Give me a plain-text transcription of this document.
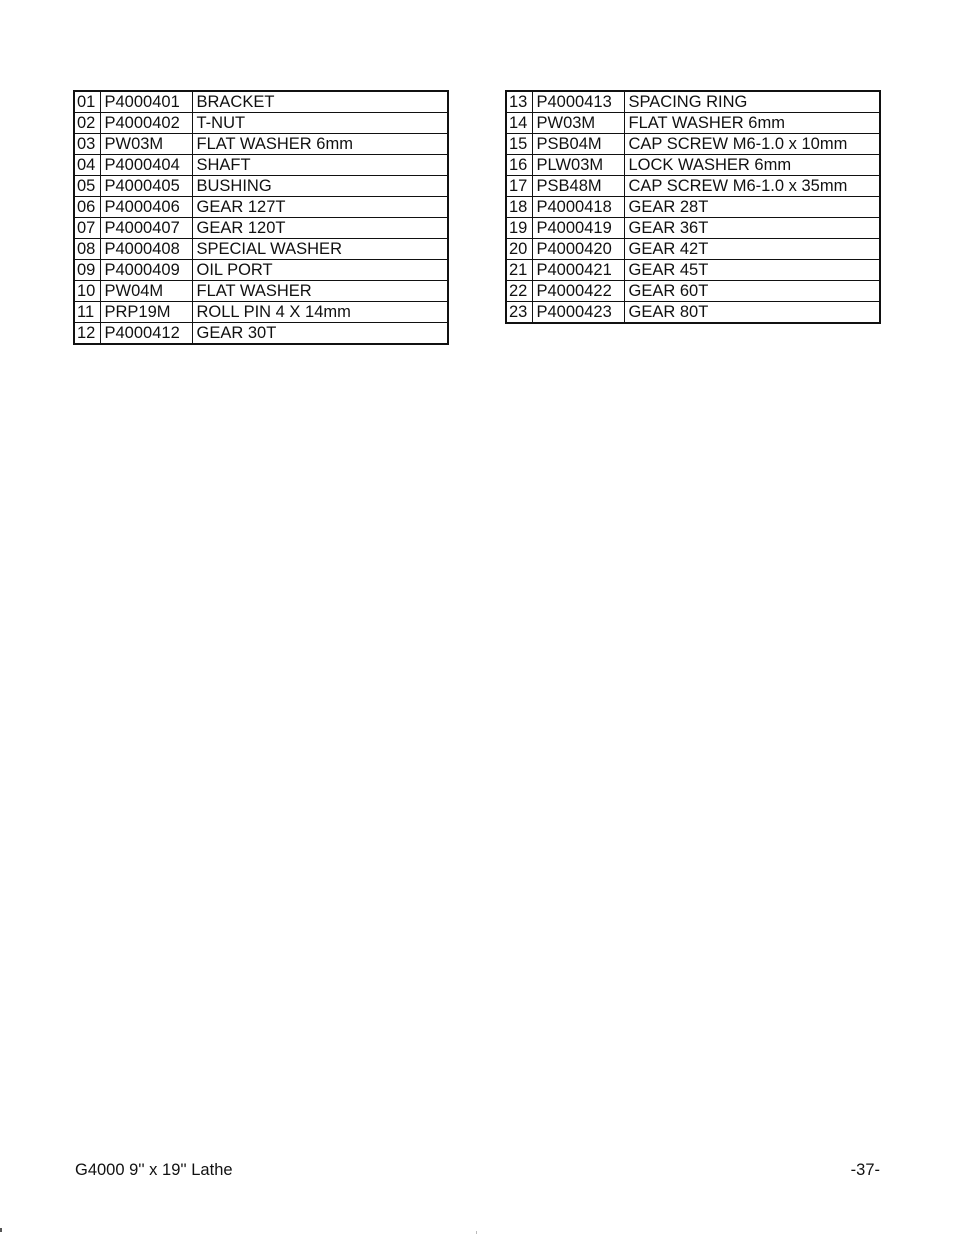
01	P4000401	BRACKET
02	P4000402	T-NUT
03	PW03M	FLAT WASHER 6mm
04	P4000404	SHAFT
05	P4000405	BUSHING
06	P4000406	GEAR 127T
07	P4000407	GEAR 120T
08	P4000408	SPECIAL WASHER
09	P4000409	OIL PORT
10	PW04M	FLAT WASHER
11	PRP19M	ROLL PIN 4 X 14mm
12	P4000412	GEAR 30T
13	P4000413	SPACING RING
14	PW03M	FLAT WASHER 6mm
15	PSB04M	CAP SCREW M6-1.0 x 10mm
16	PLW03M	LOCK WASHER 6mm
17	PSB48M	CAP SCREW M6-1.0 x 35mm
18	P4000418	GEAR 28T
19	P4000419	GEAR 36T
20	P4000420	GEAR 42T
21	P4000421	GEAR 45T
22	P4000422	GEAR 60T
23	P4000423	GEAR 80T
G4000 9'' x 19'' Lathe	-37-
